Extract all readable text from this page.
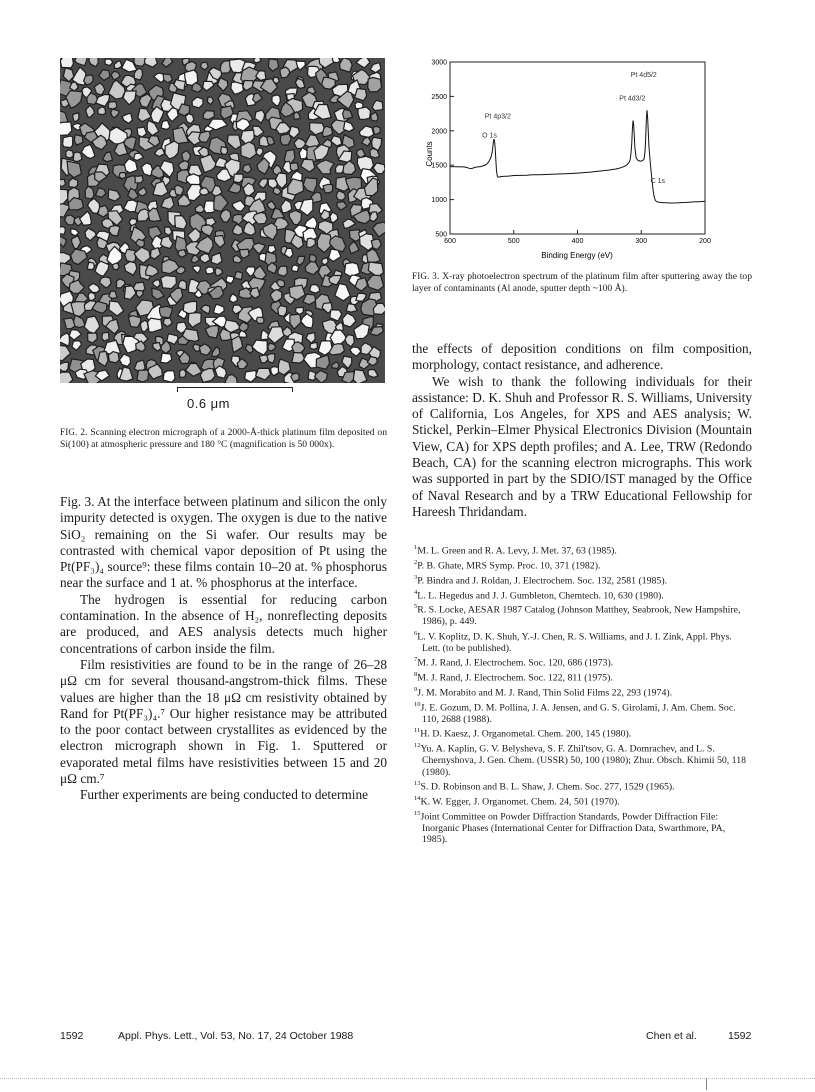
0.6 μm
FIG. 2. Scanning electron micrograph of a 2000-Å-thick platinum film deposited on Si(100) at atmospheric pressure and 180 °C (magnification is 50 000x).

Fig. 3. At the interface between platinum and silicon the only impurity detected is oxygen. The oxygen is due to the native SiO₂ remaining on the Si wafer. Our results may be contrasted with chemical vapor deposition of Pt using the Pt(PF₃)₄ source⁹: these films contain 10–20 at. % phosphorus near the surface and 1 at. % phosphorus at the interface.

The hydrogen is essential for reducing carbon contamination. In the absence of H₂, nonreflecting deposits are produced, and AES analysis detects much higher concentrations of carbon inside the film.

Film resistivities are found to be in the range of 26–28 μΩ cm for several thousand-angstrom-thick films. These values are higher than the 18 μΩ cm resistivity obtained by Rand for Pt(PF₃)₄.⁷ Our higher resistance may be attributed to the poor contact between crystallites as evidenced by the electron micrograph shown in Fig. 1. Sputtered or evaporated metal films have resistivities between 15 and 20 μΩ cm.⁷

Further experiments are being conducted to determine

500
1000
1500
2000
2500
3000
600	500	400	300	200
Pt 4d5/2
Pt 4d3/2
Pt 4p3/2
O 1s
C 1s
Counts
Binding Energy (eV)
FIG. 3. X-ray photoelectron spectrum of the platinum film after sputtering away the top layer of contaminants (Al anode, sputter depth ~100 Å).

the effects of deposition conditions on film composition, morphology, contact resistance, and adherence.

We wish to thank the following individuals for their assistance: D. K. Shuh and Professor R. S. Williams, University of California, Los Angeles, for XPS and AES analysis; W. Stickel, Perkin–Elmer Physical Electronics Division (Mountain View, CA) for XPS depth profiles; and A. Lee, TRW (Redondo Beach, CA) for the scanning electron micrographs. This work was supported in part by the SDIO/IST managed by the Office of Naval Research and by a TRW Educational Fellowship for Hareesh Thridandam.

$^1$M. L. Green and R. A. Levy, J. Met. 37, 63 (1985).
$^2$P. B. Ghate, MRS Symp. Proc. 10, 371 (1982).
$^3$P. Bindra and J. Roldan, J. Electrochem. Soc. 132, 2581 (1985).
$^4$L. L. Hegedus and J. J. Gumbleton, Chemtech. 10, 630 (1980).
$^5$R. S. Locke, AESAR 1987 Catalog (Johnson Matthey, Seabrook, New Hampshire, 1986), p. 449.
$^6$L. V. Koplitz, D. K. Shuh, Y.-J. Chen, R. S. Williams, and J. I. Zink, Appl. Phys. Lett. (to be published).
$^7$M. J. Rand, J. Electrochem. Soc. 120, 686 (1973).
$^8$M. J. Rand, J. Electrochem. Soc. 122, 811 (1975).
$^9$J. M. Morabito and M. J. Rand, Thin Solid Films 22, 293 (1974).
$^{10}$J. E. Gozum, D. M. Pollina, J. A. Jensen, and G. S. Girolami, J. Am. Chem. Soc. 110, 2688 (1988).
$^{11}$H. D. Kaesz, J. Organometal. Chem. 200, 145 (1980).
$^{12}$Yu. A. Kaplin, G. V. Belysheva, S. F. Zhil'tsov, G. A. Domrachev, and L. S. Chernyshova, J. Gen. Chem. (USSR) 50, 100 (1980); Zhur. Obsch. Khimii 50, 118 (1980).
$^{13}$S. D. Robinson and B. L. Shaw, J. Chem. Soc. 277, 1529 (1965).
$^{14}$K. W. Egger, J. Organomet. Chem. 24, 501 (1970).
$^{15}$Joint Committee on Powder Diffraction Standards, Powder Diffraction File: Inorganic Phases (International Center for Diffraction Data, Swarthmore, PA, 1985).
1592	Appl. Phys. Lett., Vol. 53, No. 17, 24 October 1988	Chen et al.	1592
